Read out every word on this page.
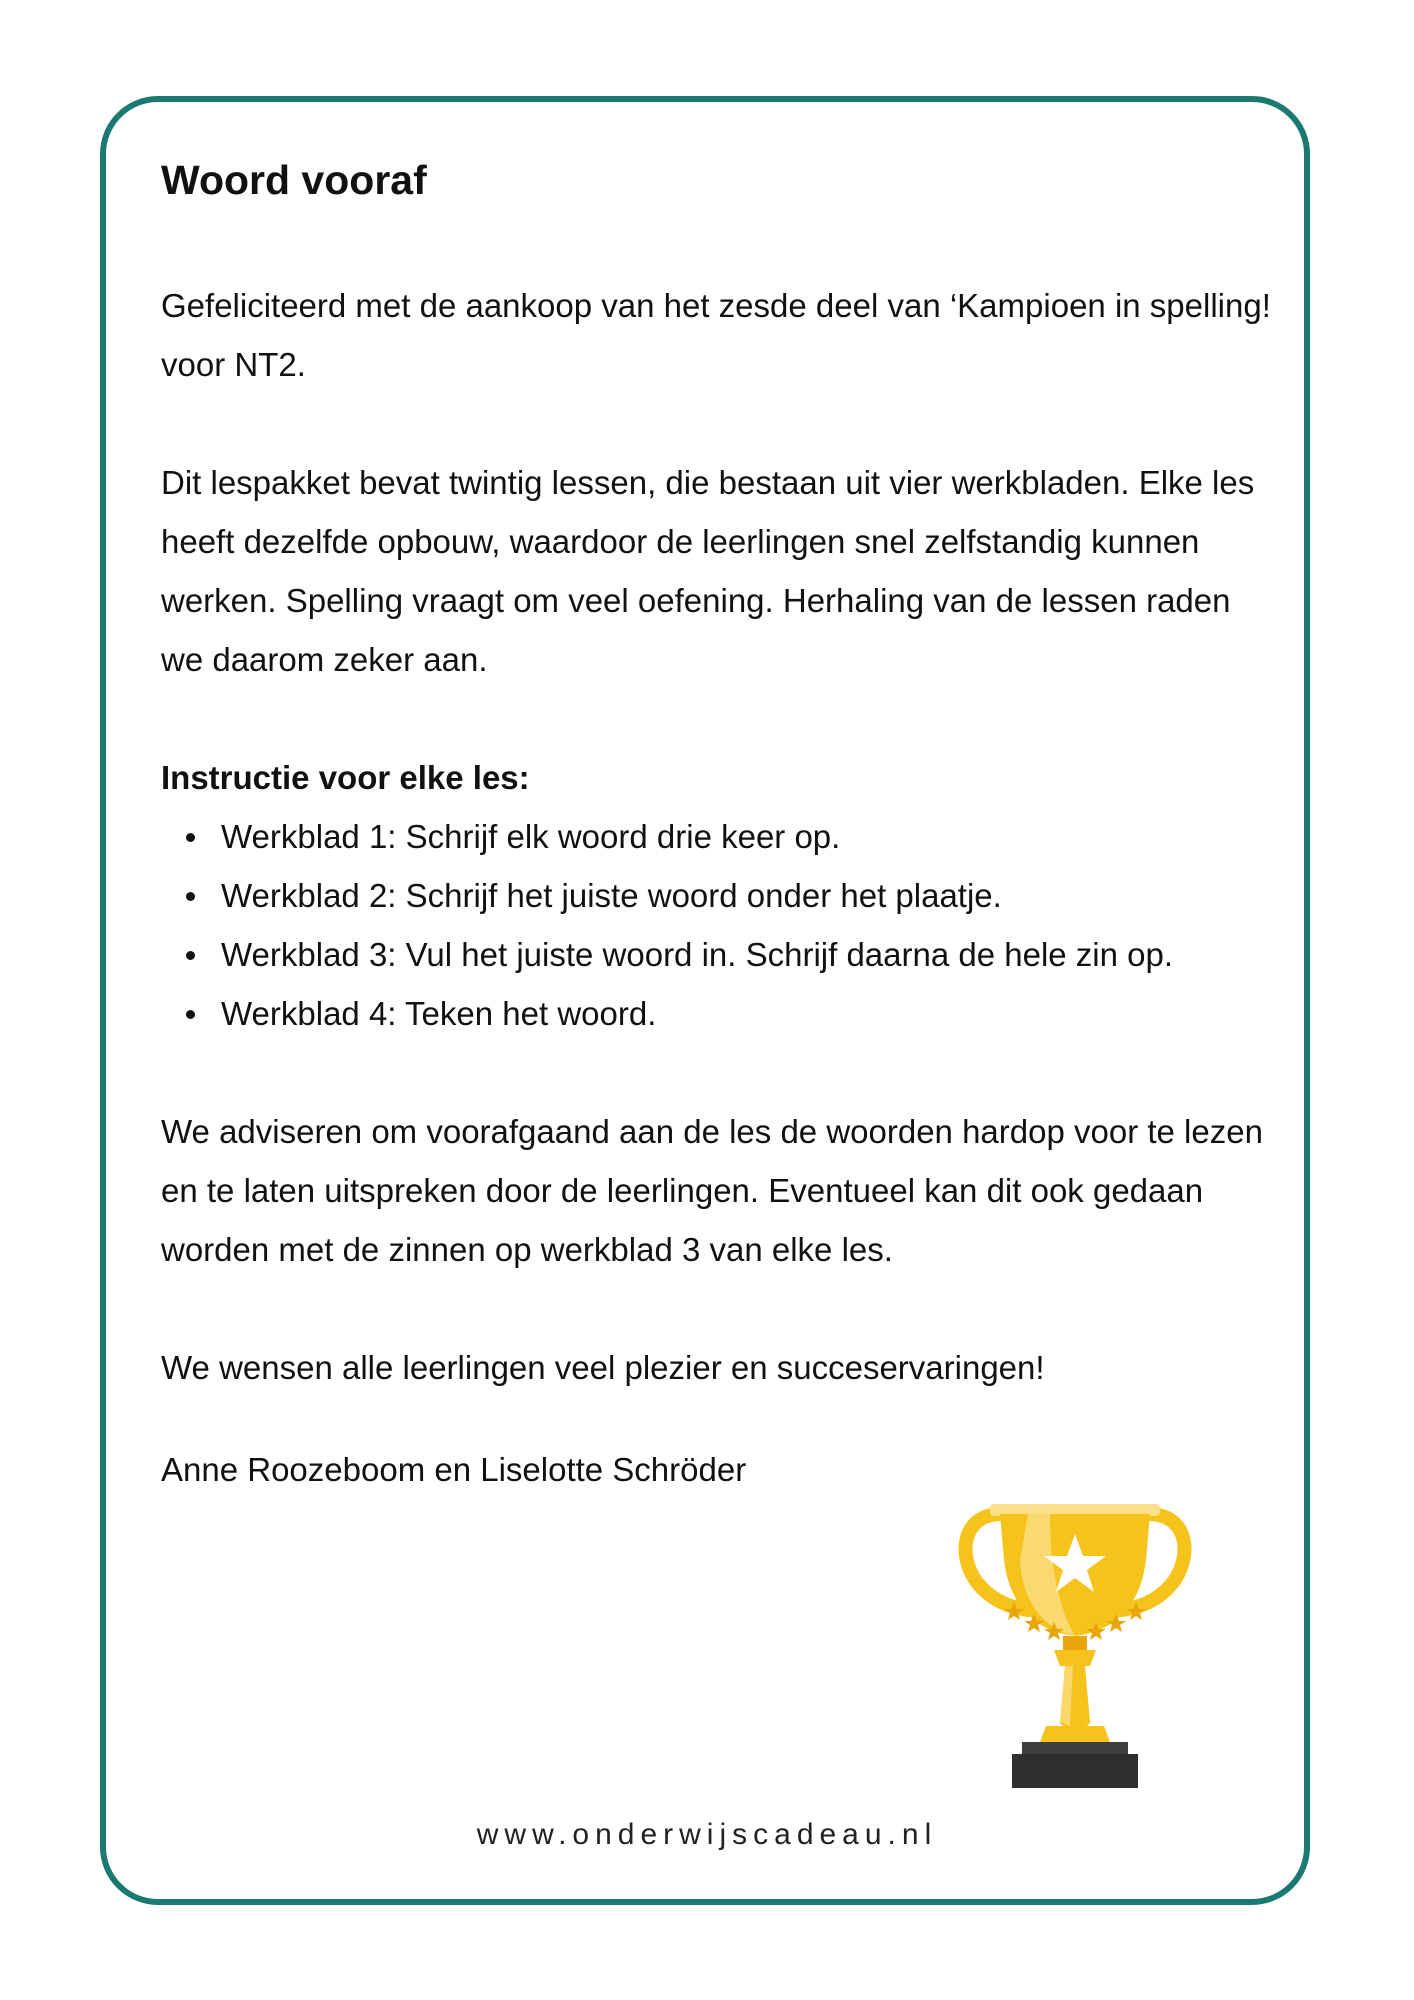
Woord vooraf

Gefeliciteerd met de aankoop van het zesde deel van ‘Kampioen in spelling! voor NT2.

Dit lespakket bevat twintig lessen, die bestaan uit vier werkbladen. Elke les heeft dezelfde opbouw, waardoor de leerlingen snel zelfstandig kunnen werken. Spelling vraagt om veel oefening. Herhaling van de lessen raden we daarom zeker aan.

Instructie voor elke les:

Werkblad 1: Schrijf elk woord drie keer op.
Werkblad 2: Schrijf het juiste woord onder het plaatje.
Werkblad 3: Vul het juiste woord in. Schrijf daarna de hele zin op.
Werkblad 4: Teken het woord.

We adviseren om voorafgaand aan de les de woorden hardop voor te lezen en te laten uitspreken door de leerlingen. Eventueel kan dit ook gedaan worden met de zinnen op werkblad 3 van elke les.

We wensen alle leerlingen veel plezier en succeservaringen!

Anne Roozeboom en Liselotte Schröder

www.onderwijscadeau.nl
